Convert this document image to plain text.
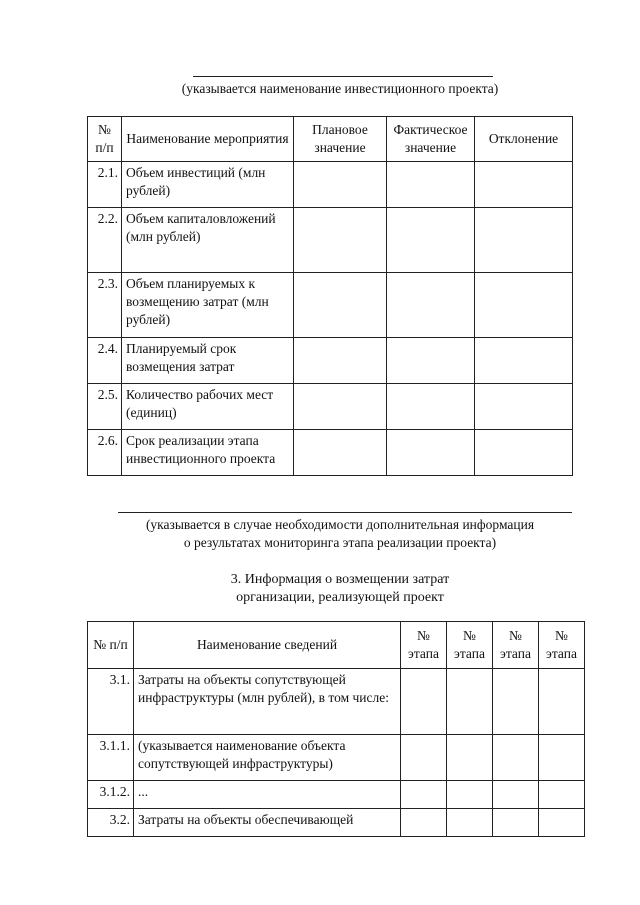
(указывается наименование инвестиционного проекта)
№ п/п	Наименование мероприятия	Плановое значение	Фактическое значение	Отклонение
2.1.	Объем инвестиций (млн рублей)			
2.2.	Объем капиталовложений (млн рублей)			
2.3.	Объем планируемых к возмещению затрат (млн рублей)			
2.4.	Планируемый срок возмещения затрат			
2.5.	Количество рабочих мест (единиц)			
2.6.	Срок реализации этапа инвестиционного проекта			
(указывается в случае необходимости дополнительная информация
о результатах мониторинга этапа реализации проекта)
3. Информация о возмещении затрат
организации, реализующей проект
№ п/п	Наименование сведений	№ этапа	№ этапа	№ этапа	№ этапа
3.1.	Затраты на объекты сопутствующей инфраструктуры (млн рублей), в том числе:				
3.1.1.	(указывается наименование объекта сопутствующей инфраструктуры)				
3.1.2.	...				
3.2.	Затраты на объекты обеспечивающей				
